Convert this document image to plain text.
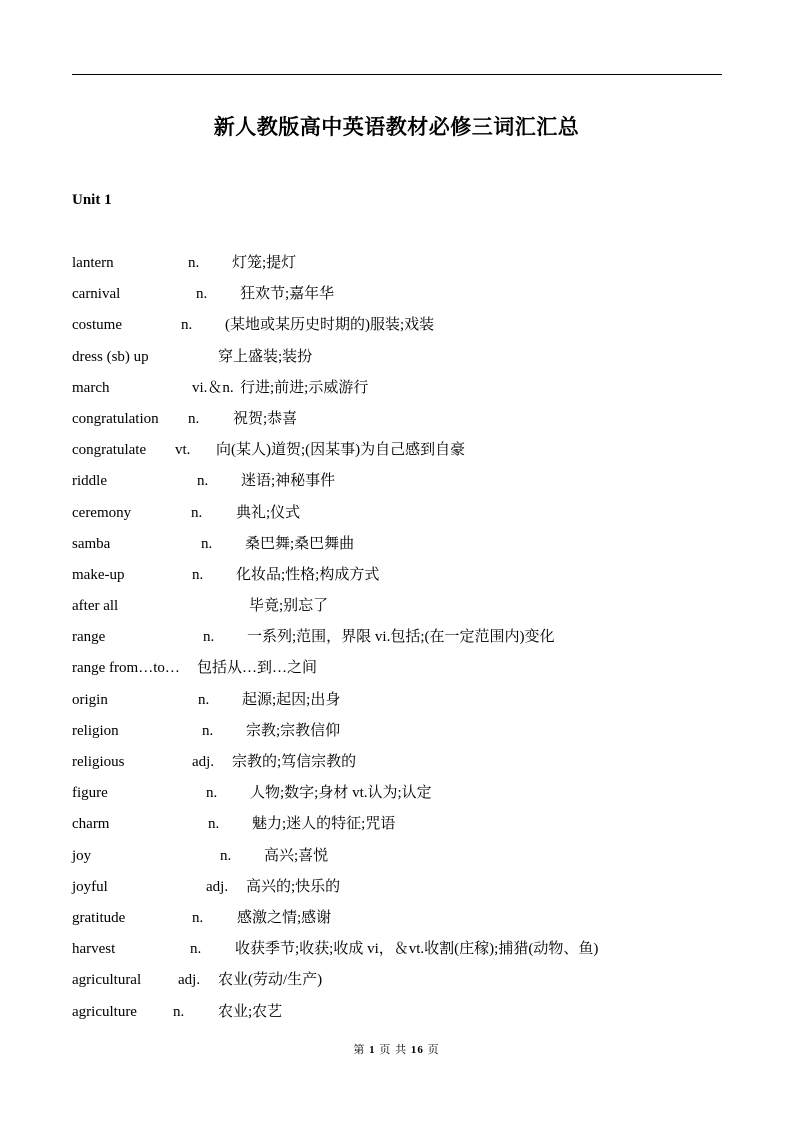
新人教版高中英语教材必修三词汇汇总
Unit 1
lantern	n. 灯笼;提灯
carnival	n. 狂欢节;嘉年华
costume	n. (某地或某历史时期的)服装;戏装
dress (sb) up	穿上盛装;装扮
march	vi.＆n. 行进;前进;示威游行
congratulation n. 祝贺;恭喜
congratulate vt. 向(某人)道贺;(因某事)为自己感到自豪
riddle	n. 迷语;神秘事件
ceremony	n. 典礼;仪式
samba	n. 桑巴舞;桑巴舞曲
make-up	n. 化妆品;性格;构成方式
after all	毕竟;别忘了
range	n. 一系列;范围，界限 vi.包括;(在一定范围内)变化
range from…to… 包括从…到…之间
origin	n. 起源;起因;出身
religion	n. 宗教;宗教信仰
religious	adj. 宗教的;笃信宗教的
figure	n. 人物;数字;身材 vt.认为;认定
charm	n. 魅力;迷人的特征;咒语
joy	n. 高兴;喜悦
joyful	adj. 高兴的;快乐的
gratitude	n. 感激之情;感谢
harvest	n. 收获季节;收获;收成 vi，＆vt.收割(庄稼);捕猎(动物、鱼)
agricultural adj. 农业(劳动/生产)
agriculture n. 农业;农艺
第 1 页 共 16 页
